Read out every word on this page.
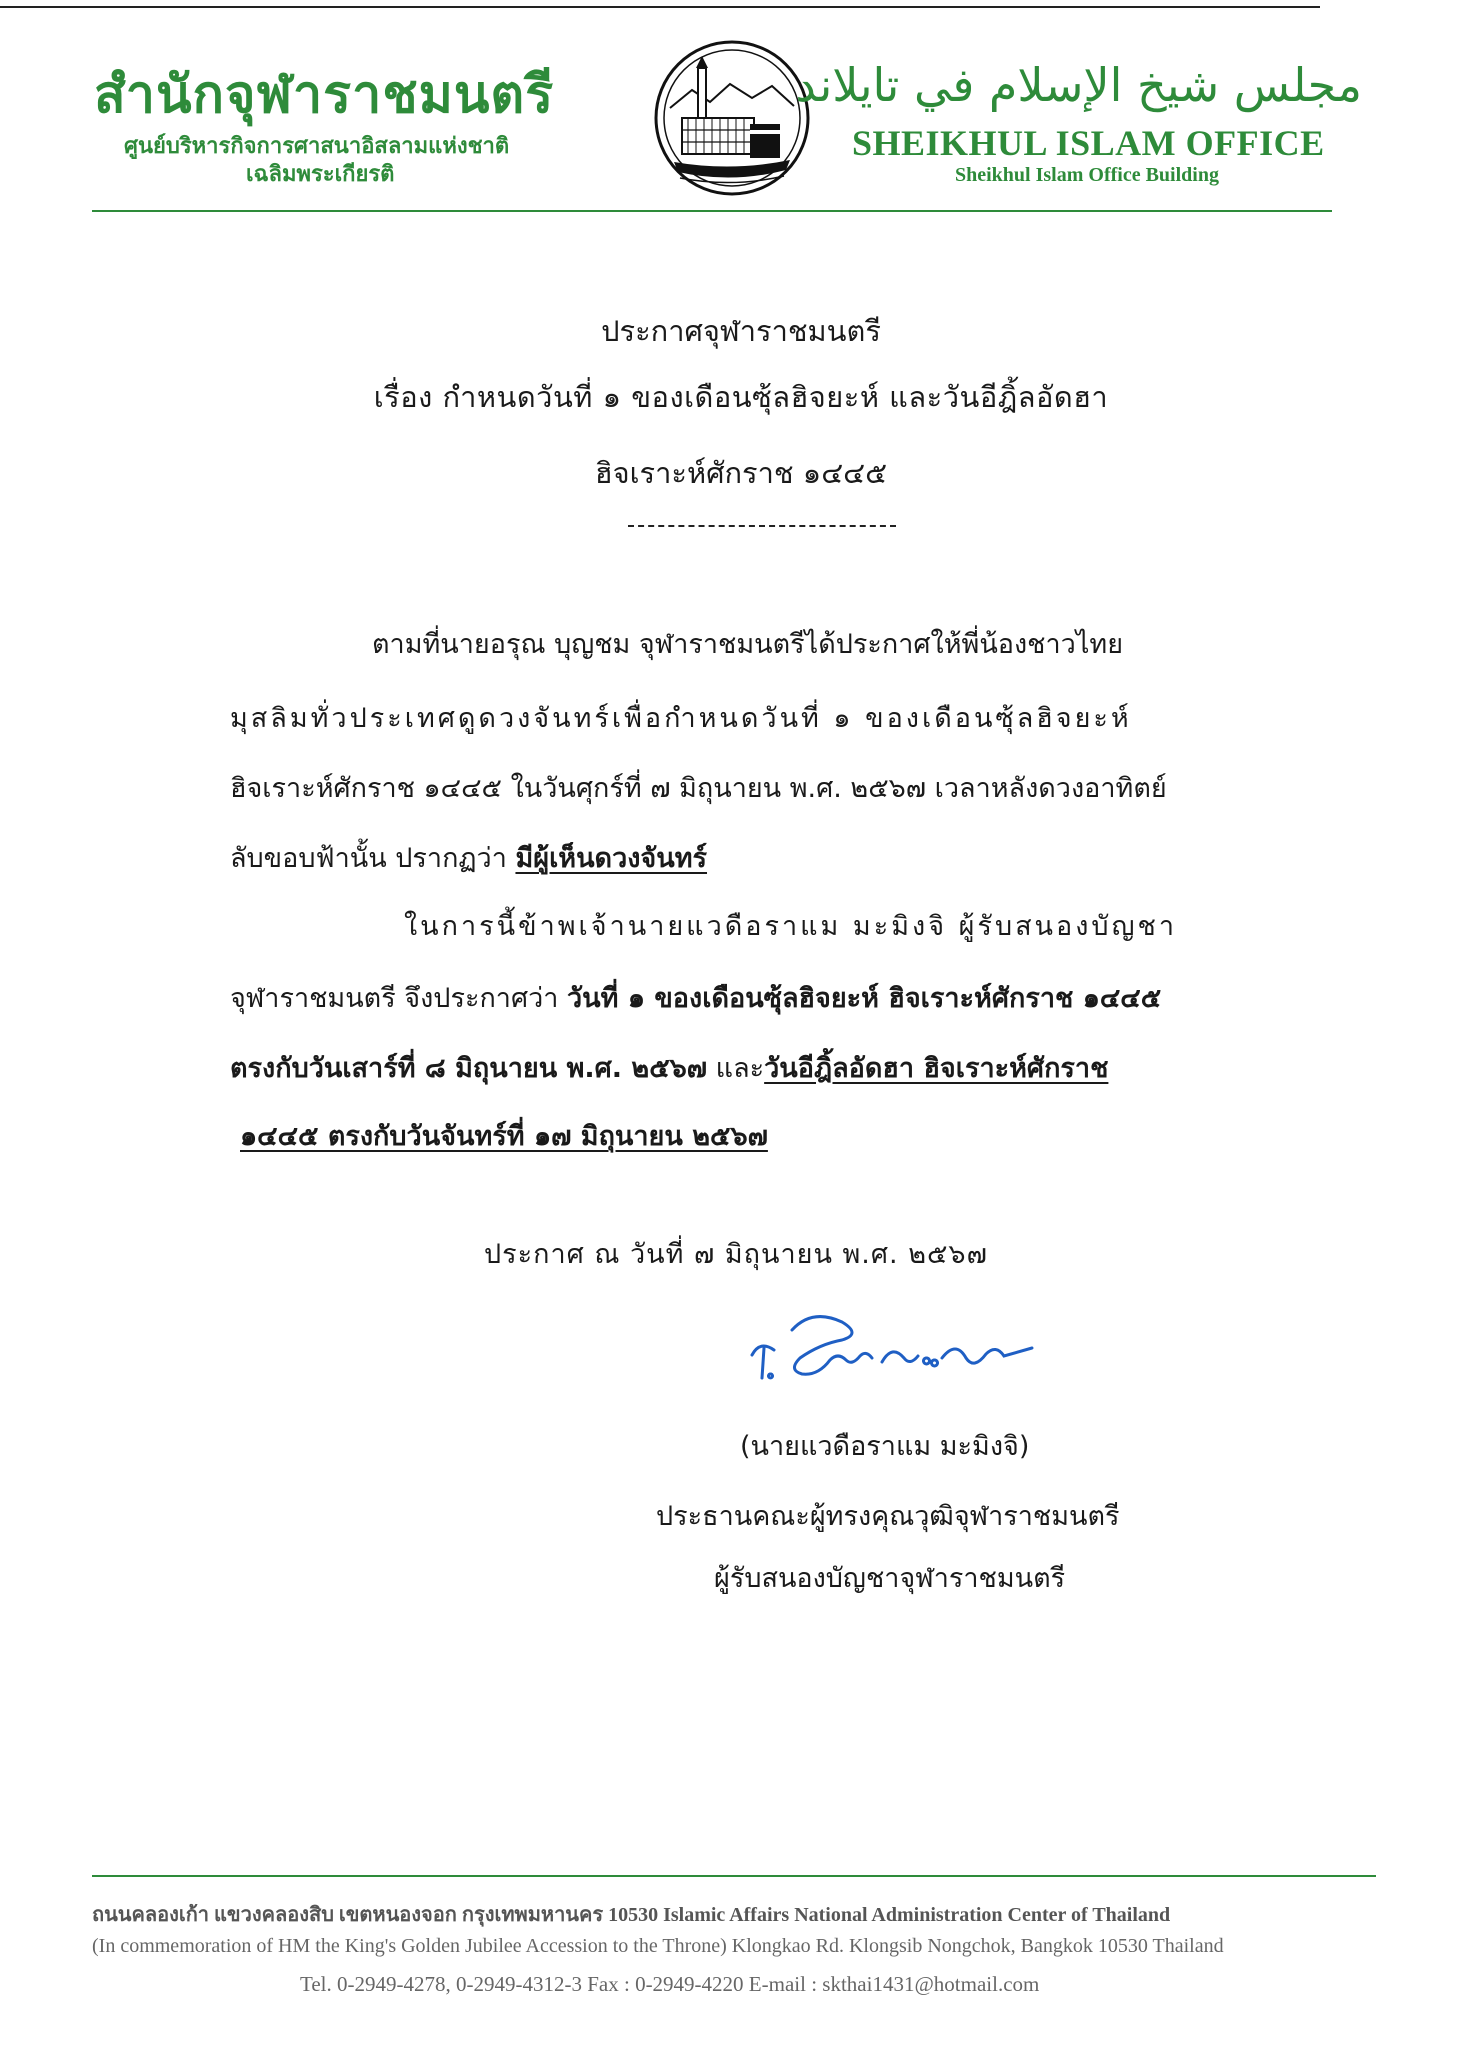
สำนักจุฬาราชมนตรี
ศูนย์บริหารกิจการศาสนาอิสลามแห่งชาติ
เฉลิมพระเกียรติ
مجلس شيخ الإسلام في تايلاند
SHEIKHUL ISLAM OFFICE
Sheikhul Islam Office Building
ประกาศจุฬาราชมนตรี
เรื่อง กำหนดวันที่ ๑ ของเดือนซุ้ลฮิจยะห์ และวันอีฎิ้ลอัดฮา
ฮิจเราะห์ศักราช ๑๔๔๕
ตามที่นายอรุณ บุญชม จุฬาราชมนตรีได้ประกาศให้พี่น้องชาวไทย
มุสลิมทั่วประเทศดูดวงจันทร์เพื่อกำหนดวันที่ ๑ ของเดือนซุ้ลฮิจยะห์
ฮิจเราะห์ศักราช ๑๔๔๕ ในวันศุกร์ที่ ๗ มิถุนายน พ.ศ. ๒๕๖๗ เวลาหลังดวงอาทิตย์
ลับขอบฟ้านั้น ปรากฏว่า มีผู้เห็นดวงจันทร์
ในการนี้ข้าพเจ้านายแวดือราแม มะมิงจิ ผู้รับสนองบัญชา
จุฬาราชมนตรี จึงประกาศว่า วันที่ ๑ ของเดือนซุ้ลฮิจยะห์ ฮิจเราะห์ศักราช ๑๔๔๕
ตรงกับวันเสาร์ที่ ๘ มิถุนายน พ.ศ. ๒๕๖๗ และวันอีฎิ้ลอัดฮา ฮิจเราะห์ศักราช
๑๔๔๕ ตรงกับวันจันทร์ที่ ๑๗ มิถุนายน ๒๕๖๗
ประกาศ ณ วันที่ ๗ มิถุนายน พ.ศ. ๒๕๖๗
(นายแวดือราแม มะมิงจิ)
ประธานคณะผู้ทรงคุณวุฒิจุฬาราชมนตรี
ผู้รับสนองบัญชาจุฬาราชมนตรี
ถนนคลองเก้า แขวงคลองสิบ เขตหนองจอก กรุงเทพมหานคร 10530 Islamic Affairs National Administration Center of Thailand
(In commemoration of HM the King's Golden Jubilee Accession to the Throne) Klongkao Rd. Klongsib Nongchok, Bangkok 10530 Thailand
Tel. 0-2949-4278, 0-2949-4312-3 Fax : 0-2949-4220 E-mail : skthai1431@hotmail.com
